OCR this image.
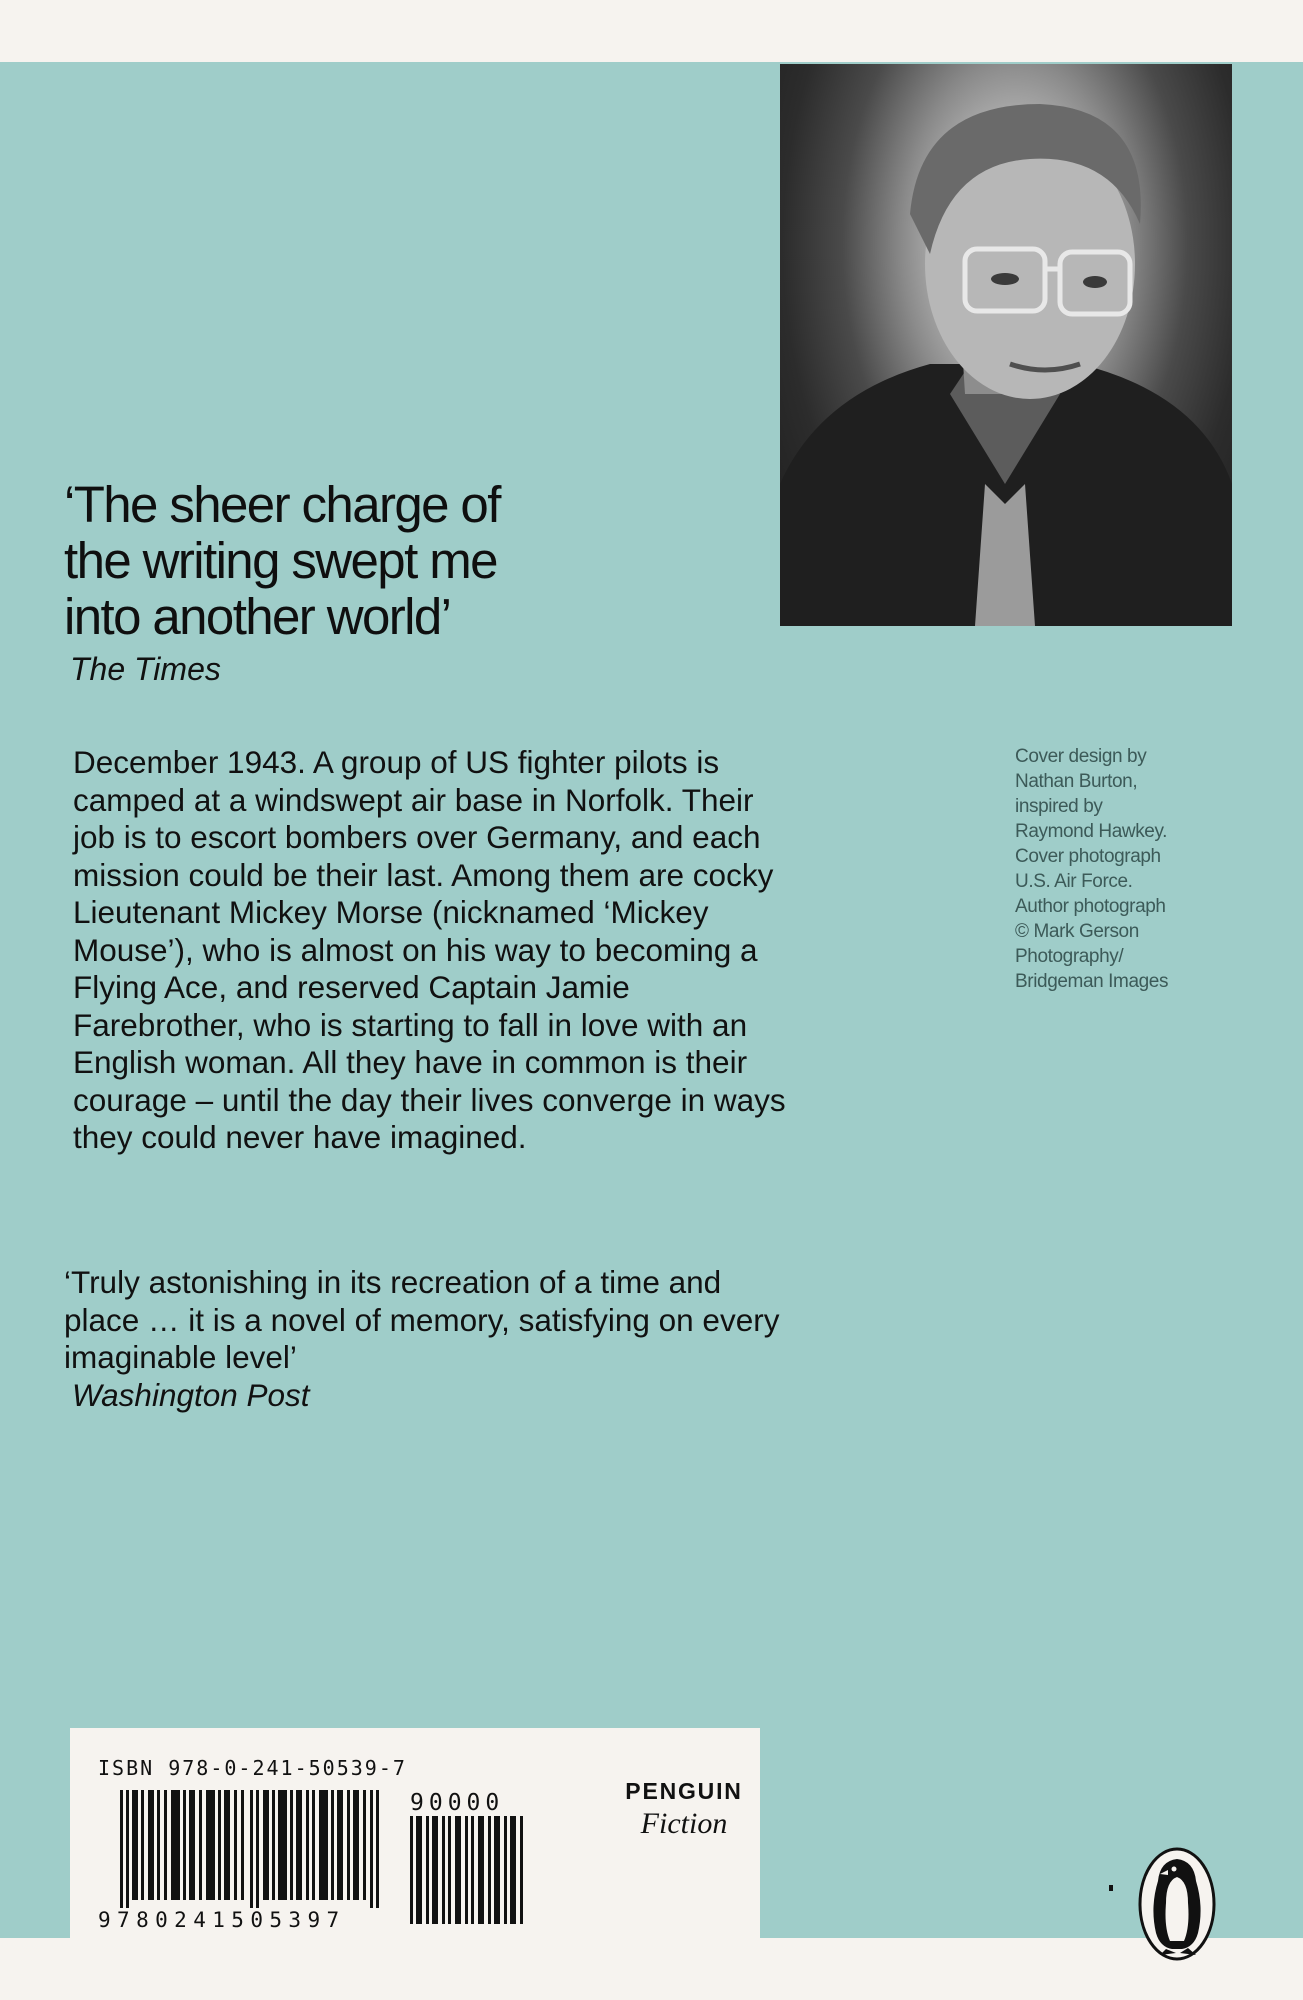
‘The sheer charge of
the writing swept me
into another world’
The Times

December 1943. A group of US fighter pilots is camped at a windswept air base in Norfolk. Their job is to escort bombers over Germany, and each mission could be their last. Among them are cocky Lieutenant Mickey Morse (nicknamed ‘Mickey Mouse’), who is almost on his way to becoming a Flying Ace, and reserved Captain Jamie Farebrother, who is starting to fall in love with an English woman. All they have in common is their courage – until the day their lives converge in ways they could never have imagined.

‘Truly astonishing in its recreation of a time and place … it is a novel of memory, satisfying on every imaginable level’
Washington Post

Cover design by
Nathan Burton,
inspired by
Raymond Hawkey.
Cover photograph
U.S. Air Force.
Author photograph
© Mark Gerson
Photography/
Bridgeman Images

ISBN 978-0-241-50539-7
9780241505397
90000	PENGUIN
Fiction
